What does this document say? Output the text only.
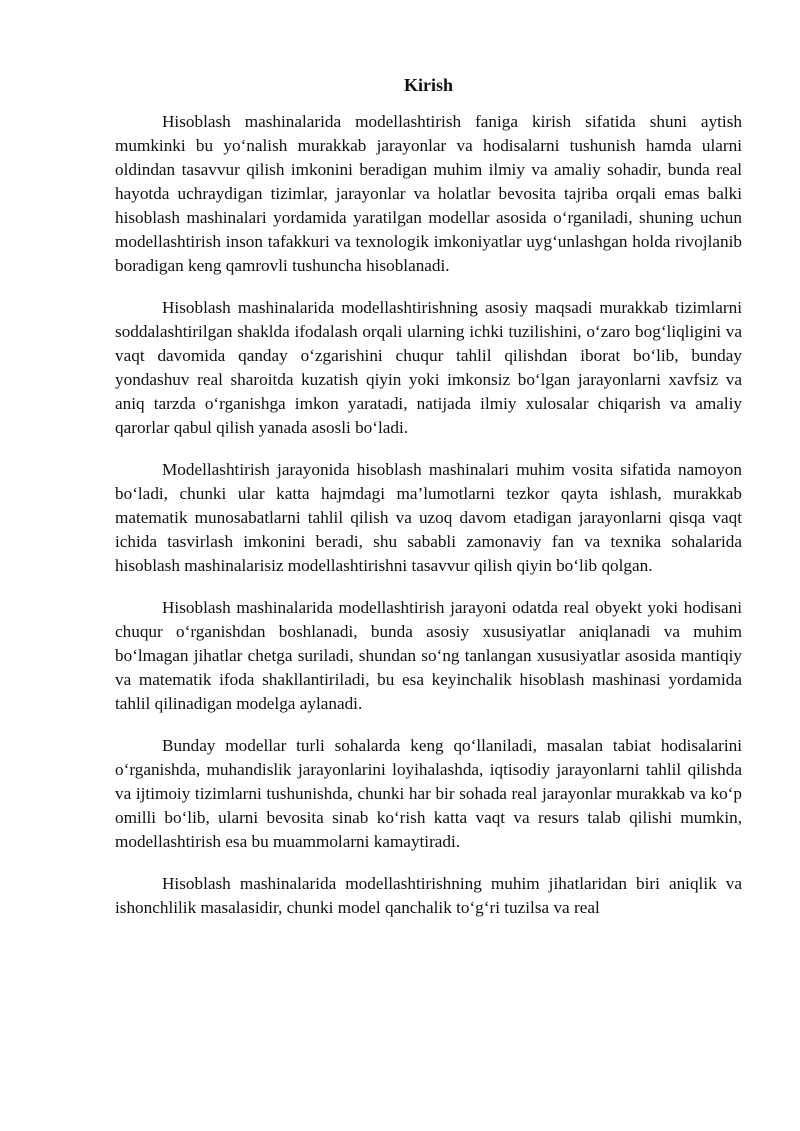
Kirish

Hisoblash mashinalarida modellashtirish faniga kirish sifatida shuni aytish mumkinki bu yo‘nalish murakkab jarayonlar va hodisalarni tushunish hamda ularni oldindan tasavvur qilish imkonini beradigan muhim ilmiy va amaliy sohadir, bunda real hayotda uchraydigan tizimlar, jarayonlar va holatlar bevosita tajriba orqali emas balki hisoblash mashinalari yordamida yaratilgan modellar asosida o‘rganiladi, shuning uchun modellashtirish inson tafakkuri va texnologik imkoniyatlar uyg‘unlashgan holda rivojlanib boradigan keng qamrovli tushuncha hisoblanadi.

Hisoblash mashinalarida modellashtirishning asosiy maqsadi murakkab tizimlarni soddalashtirilgan shaklda ifodalash orqali ularning ichki tuzilishini, o‘zaro bog‘liqligini va vaqt davomida qanday o‘zgarishini chuqur tahlil qilishdan iborat bo‘lib, bunday yondashuv real sharoitda kuzatish qiyin yoki imkonsiz bo‘lgan jarayonlarni xavfsiz va aniq tarzda o‘rganishga imkon yaratadi, natijada ilmiy xulosalar chiqarish va amaliy qarorlar qabul qilish yanada asosli bo‘ladi.

Modellashtirish jarayonida hisoblash mashinalari muhim vosita sifatida namoyon bo‘ladi, chunki ular katta hajmdagi ma’lumotlarni tezkor qayta ishlash, murakkab matematik munosabatlarni tahlil qilish va uzoq davom etadigan jarayonlarni qisqa vaqt ichida tasvirlash imkonini beradi, shu sababli zamonaviy fan va texnika sohalarida hisoblash mashinalarisiz modellashtirishni tasavvur qilish qiyin bo‘lib qolgan.

Hisoblash mashinalarida modellashtirish jarayoni odatda real obyekt yoki hodisani chuqur o‘rganishdan boshlanadi, bunda asosiy xususiyatlar aniqlanadi va muhim bo‘lmagan jihatlar chetga suriladi, shundan so‘ng tanlangan xususiyatlar asosida mantiqiy va matematik ifoda shakllantiriladi, bu esa keyinchalik hisoblash mashinasi yordamida tahlil qilinadigan modelga aylanadi.

Bunday modellar turli sohalarda keng qo‘llaniladi, masalan tabiat hodisalarini o‘rganishda, muhandislik jarayonlarini loyihalashda, iqtisodiy jarayonlarni tahlil qilishda va ijtimoiy tizimlarni tushunishda, chunki har bir sohada real jarayonlar murakkab va ko‘p omilli bo‘lib, ularni bevosita sinab ko‘rish katta vaqt va resurs talab qilishi mumkin, modellashtirish esa bu muammolarni kamaytiradi.

Hisoblash mashinalarida modellashtirishning muhim jihatlaridan biri aniqlik va ishonchlilik masalasidir, chunki model qanchalik to‘g‘ri tuzilsa va real
